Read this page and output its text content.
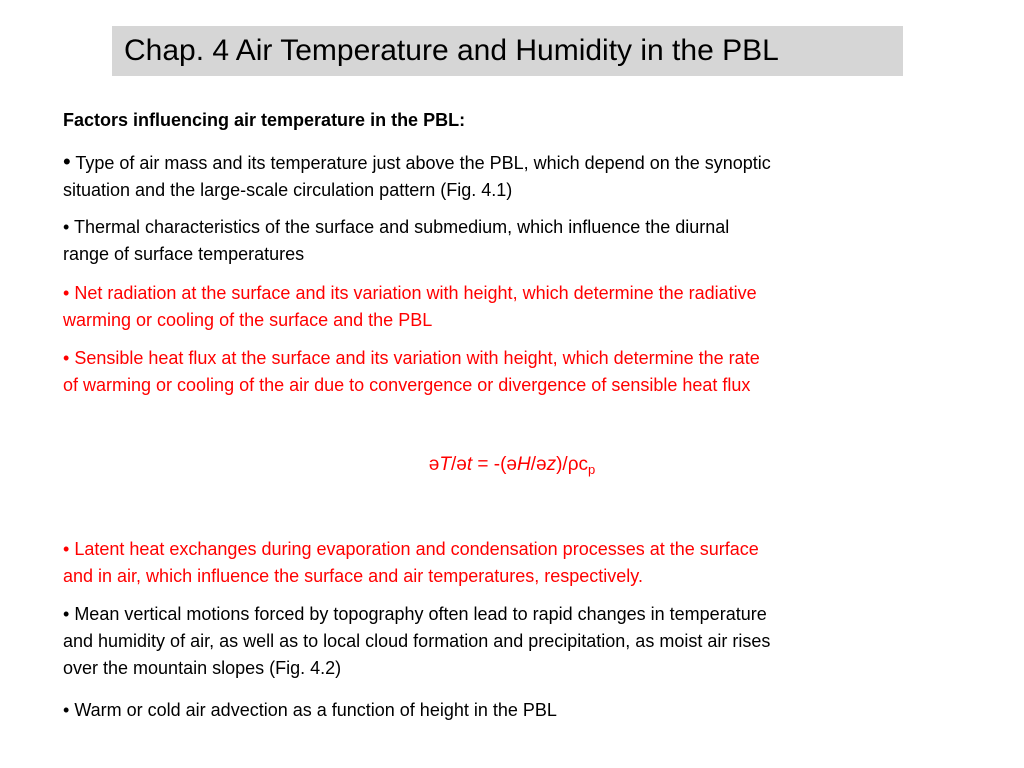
Chap. 4 Air Temperature and Humidity in the PBL
Factors influencing air temperature in the PBL:
• Type of air mass and its temperature just above the PBL, which depend on the synoptic
situation and the large-scale circulation pattern (Fig. 4.1)
• Thermal characteristics of the surface and submedium, which influence the diurnal
range of surface temperatures
• Net radiation at the surface and its variation with height, which determine the radiative
warming or cooling of the surface and the PBL
• Sensible heat flux at the surface and its variation with height, which determine the rate
of warming or cooling of the air due to convergence or divergence of sensible heat flux
əT/ət = $-(əH/əz)/\rho c_p$
• Latent heat exchanges during evaporation and condensation processes at the surface
and in air, which influence the surface and air temperatures, respectively.
• Mean vertical motions forced by topography often lead to rapid changes in temperature
and humidity of air, as well as to local cloud formation and precipitation, as moist air rises
over the mountain slopes (Fig. 4.2)
• Warm or cold air advection as a function of height in the PBL
